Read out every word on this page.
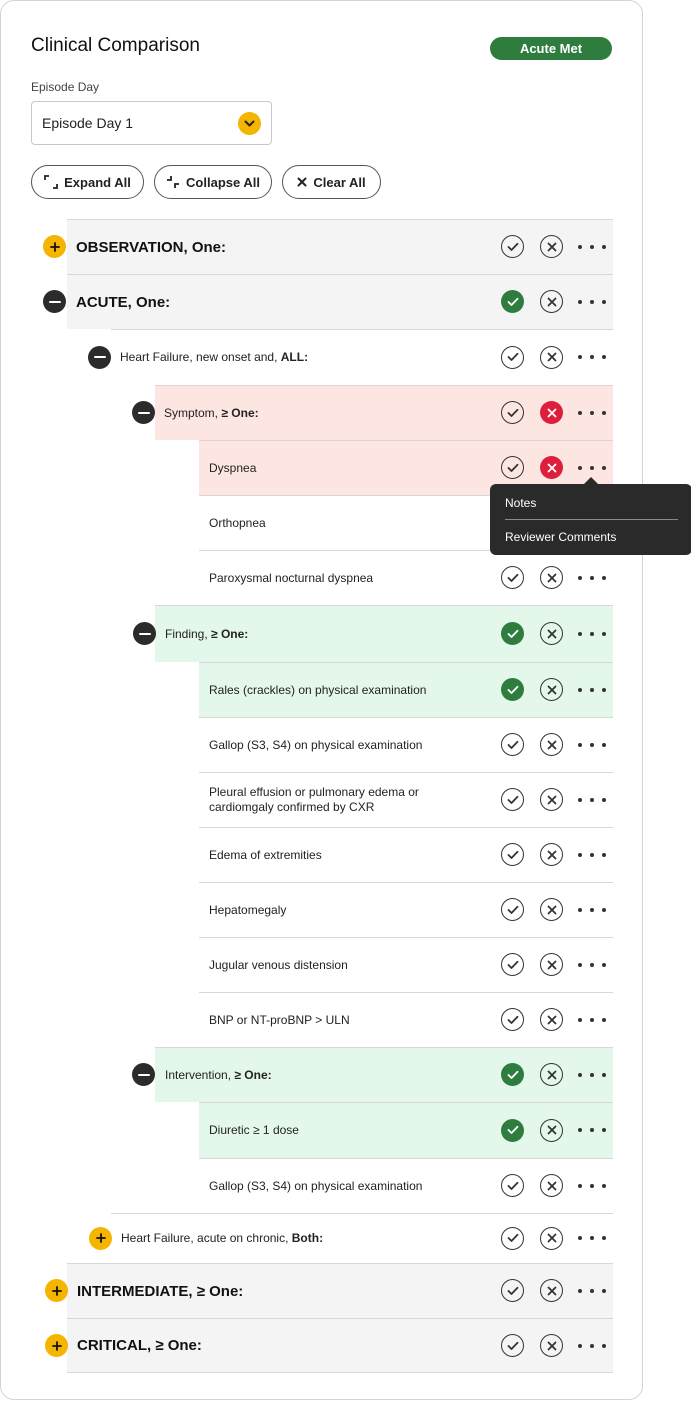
Clinical Comparison	Acute Met
Episode Day
Episode Day 1
Expand All	Collapse All	Clear All
OBSERVATION, One:
ACUTE, One:
Heart Failure, new onset and, ALL:
Symptom, ≥ One:
Dyspnea
Orthopnea
Paroxysmal nocturnal dyspnea
Finding, ≥ One:
Rales (crackles) on physical examination
Gallop (S3, S4) on physical examination
Pleural effusion or pulmonary edema or
cardiomgaly confirmed by CXR
Edema of extremities
Hepatomegaly
Jugular venous distension
BNP or NT-proBNP > ULN
Intervention, ≥ One:
Diuretic ≥ 1 dose
Gallop (S3, S4) on physical examination
Heart Failure, acute on chronic, Both:
INTERMEDIATE, ≥ One:
CRITICAL, ≥ One:
Notes
Reviewer Comments
